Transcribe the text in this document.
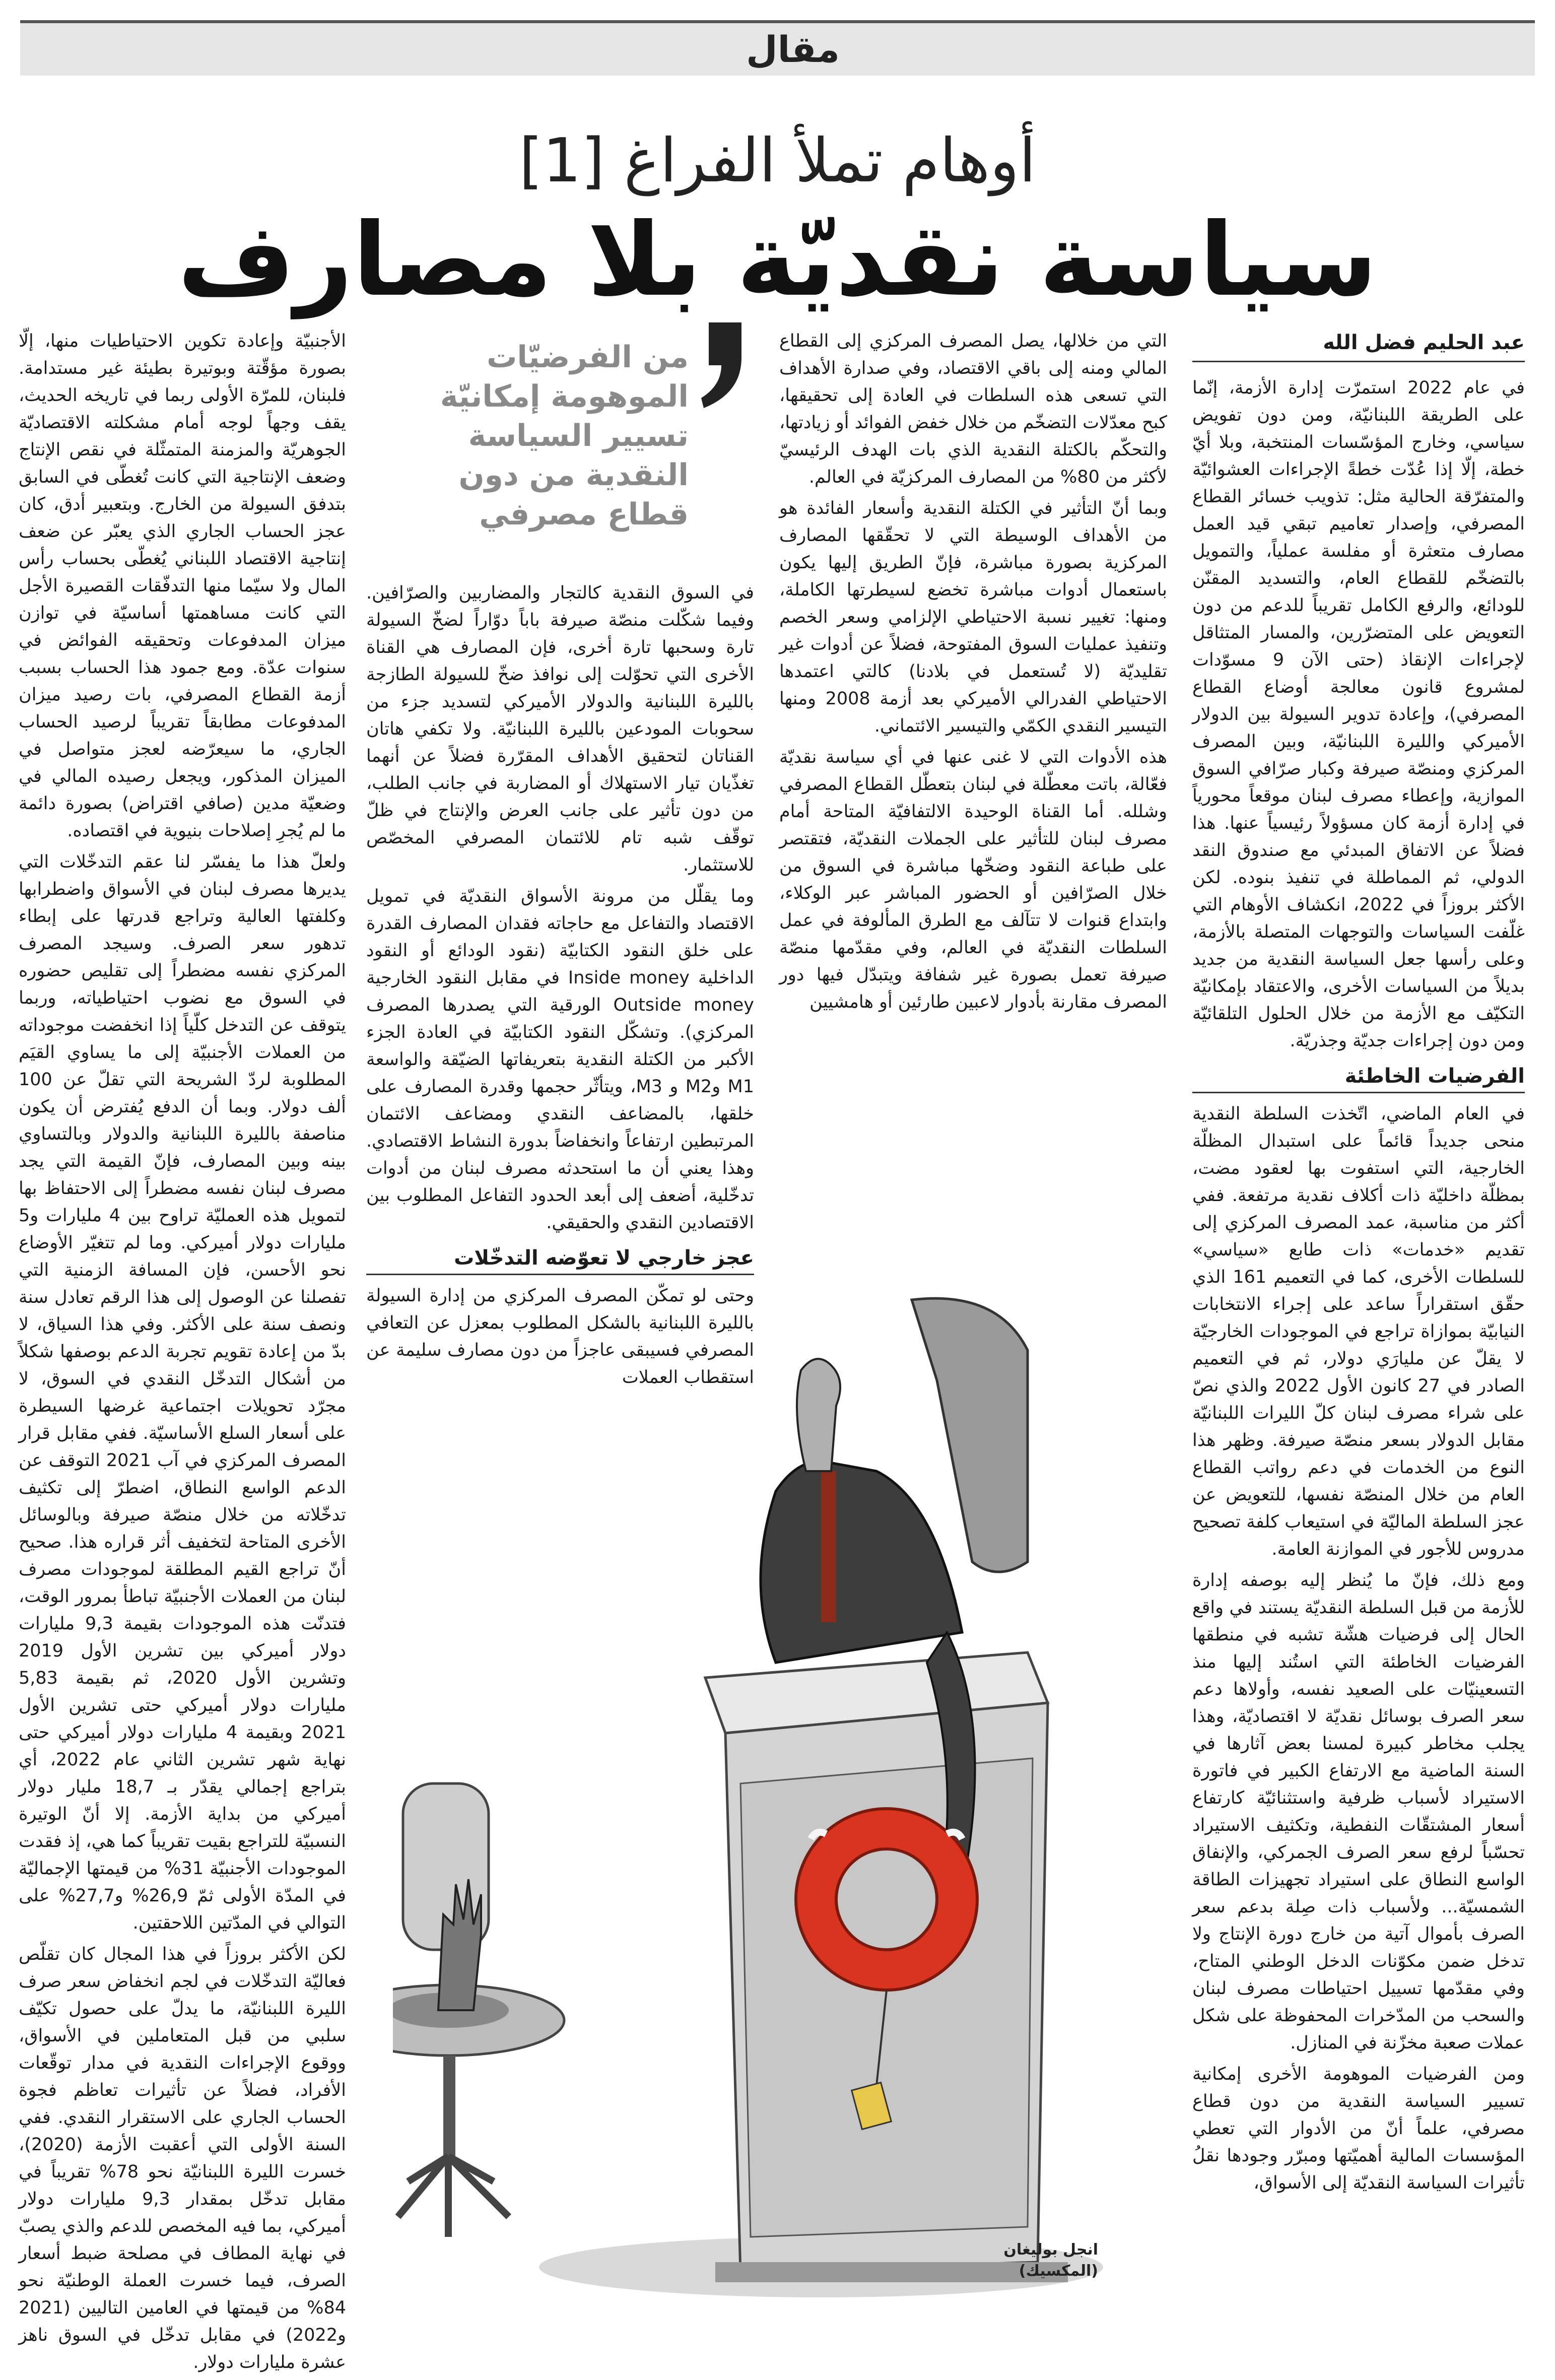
مقال
أوهام تملأ الفراغ [1]
سياسة نقديّة بلا مصارف
عبد الحليم فضل الله

في عام 2022 استمرّت إدارة الأزمة، إنّما على الطريقة اللبنانيّة، ومن دون تفويض سياسي، وخارج المؤسّسات المنتخبة، وبلا أيّ خطة، إلّا إذا عُدّت خطةً الإجراءات العشوائيّة والمتفرّقة الحالية مثل: تذويب خسائر القطاع المصرفي، وإصدار تعاميم تبقي قيد العمل مصارف متعثرة أو مفلسة عملياً، والتمويل بالتضخّم للقطاع العام، والتسديد المقنّن للودائع، والرفع الكامل تقريباً للدعم من دون التعويض على المتضرّرين، والمسار المتثاقل لإجراءات الإنقاذ (حتى الآن 9 مسوّدات لمشروع قانون معالجة أوضاع القطاع المصرفي)، وإعادة تدوير السيولة بين الدولار الأميركي والليرة اللبنانيّة، وبين المصرف المركزي ومنصّة صيرفة وكبار صرّافي السوق الموازية، وإعطاء مصرف لبنان موقعاً محورياً في إدارة أزمة كان مسؤولاً رئيسياً عنها. هذا فضلاً عن الاتفاق المبدئي مع صندوق النقد الدولي، ثم المماطلة في تنفيذ بنوده. لكن الأكثر بروزاً في 2022، انكشاف الأوهام التي غلّفت السياسات والتوجهات المتصلة بالأزمة، وعلى رأسها جعل السياسة النقدية من جديد بديلاً من السياسات الأخرى، والاعتقاد بإمكانيّة التكيّف مع الأزمة من خلال الحلول التلقائيّة ومن دون إجراءات جديّة وجذريّة.

الفرضيات الخاطئة

في العام الماضي، اتّخذت السلطة النقدية منحى جديداً قائماً على استبدال المظلّة الخارجية، التي استفوت بها لعقود مضت، بمظلّة داخليّة ذات أكلاف نقدية مرتفعة. ففي أكثر من مناسبة، عمد المصرف المركزي إلى تقديم «خدمات» ذات طابع «سياسي» للسلطات الأخرى، كما في التعميم 161 الذي حقّق استقراراً ساعد على إجراء الانتخابات النيابيّة بموازاة تراجع في الموجودات الخارجيّة لا يقلّ عن مليارَي دولار، ثم في التعميم الصادر في 27 كانون الأول 2022 والذي نصّ على شراء مصرف لبنان كلّ الليرات اللبنانيّة مقابل الدولار بسعر منصّة صيرفة. وظهر هذا النوع من الخدمات في دعم رواتب القطاع العام من خلال المنصّة نفسها، للتعويض عن عجز السلطة الماليّة في استيعاب كلفة تصحيح مدروس للأجور في الموازنة العامة.

ومع ذلك، فإنّ ما يُنظر إليه بوصفه إدارة للأزمة من قبل السلطة النقديّة يستند في واقع الحال إلى فرضيات هشّة تشبه في منطقها الفرضيات الخاطئة التي استُند إليها منذ التسعينيّات على الصعيد نفسه، وأولاها دعم سعر الصرف بوسائل نقديّة لا اقتصاديّة، وهذا يجلب مخاطر كبيرة لمسنا بعض آثارها في السنة الماضية مع الارتفاع الكبير في فاتورة الاستيراد لأسباب ظرفية واستثنائيّة كارتفاع أسعار المشتقّات النفطية، وتكثيف الاستيراد تحسّباً لرفع سعر الصرف الجمركي، والإنفاق الواسع النطاق على استيراد تجهيزات الطاقة الشمسيّة... ولأسباب ذات صِلة بدعم سعر الصرف بأموال آتية من خارج دورة الإنتاج ولا تدخل ضمن مكوّنات الدخل الوطني المتاح، وفي مقدّمها تسييل احتياطات مصرف لبنان والسحب من المدّخرات المحفوظة على شكل عملات صعبة مخزّنة في المنازل.

ومن الفرضيات الموهومة الأخرى إمكانية تسيير السياسة النقدية من دون قطاع مصرفي، علماً أنّ من الأدوار التي تعطي المؤسسات المالية أهميّتها ومبرّر وجودها نقلُ تأثيرات السياسة النقديّة إلى الأسواق،

التي من خلالها، يصل المصرف المركزي إلى القطاع المالي ومنه إلى باقي الاقتصاد، وفي صدارة الأهداف التي تسعى هذه السلطات في العادة إلى تحقيقها، كبح معدّلات التضخّم من خلال خفض الفوائد أو زيادتها، والتحكّم بالكتلة النقدية الذي بات الهدف الرئيسيّ لأكثر من 80% من المصارف المركزيّة في العالم.

وبما أنّ التأثير في الكتلة النقدية وأسعار الفائدة هو من الأهداف الوسيطة التي لا تحقّقها المصارف المركزية بصورة مباشرة، فإنّ الطريق إليها يكون باستعمال أدوات مباشرة تخضع لسيطرتها الكاملة، ومنها: تغيير نسبة الاحتياطي الإلزامي وسعر الخصم وتنفيذ عمليات السوق المفتوحة، فضلاً عن أدوات غير تقليديّة (لا تُستعمل في بلادنا) كالتي اعتمدها الاحتياطي الفدرالي الأميركي بعد أزمة 2008 ومنها التيسير النقدي الكمّي والتيسير الائتماني.

هذه الأدوات التي لا غنى عنها في أي سياسة نقديّة فعّالة، باتت معطّلة في لبنان بتعطّل القطاع المصرفي وشلله. أما القناة الوحيدة الالتفافيّة المتاحة أمام مصرف لبنان للتأثير على الجملات النقديّة، فتقتصر على طباعة النقود وضخّها مباشرة في السوق من خلال الصرّافين أو الحضور المباشر عبر الوكلاء، وابتداع قنوات لا تتآلف مع الطرق المألوفة في عمل السلطات النقديّة في العالم، وفي مقدّمها منصّة صيرفة تعمل بصورة غير شفافة ويتبدّل فيها دور المصرف مقارنة بأدوار لاعبين طارئين أو هامشيين

من الفرضيّات الموهومة إمكانيّة تسيير السياسة النقدية من دون قطاع مصرفي

في السوق النقدية كالتجار والمضاربين والصرّافين. وفيما شكّلت منصّة صيرفة باباً دوّاراً لضخّ السيولة تارة وسحبها تارة أخرى، فإن المصارف هي القناة الأخرى التي تحوّلت إلى نوافذ ضخّ للسيولة الطازجة بالليرة اللبنانية والدولار الأميركي لتسديد جزء من سحوبات المودعين بالليرة اللبنانيّة. ولا تكفي هاتان القناتان لتحقيق الأهداف المقرّرة فضلاً عن أنهما تغذّيان تيار الاستهلاك أو المضاربة في جانب الطلب، من دون تأثير على جانب العرض والإنتاج في ظلّ توقّف شبه تام للائتمان المصرفي المخصّص للاستثمار.

وما يقلّل من مرونة الأسواق النقديّة في تمويل الاقتصاد والتفاعل مع حاجاته فقدان المصارف القدرة على خلق النقود الكتابيّة (نقود الودائع أو النقود الداخلية Inside money في مقابل النقود الخارجية Outside money الورقية التي يصدرها المصرف المركزي). وتشكّل النقود الكتابيّة في العادة الجزء الأكبر من الكتلة النقدية بتعريفاتها الضيّقة والواسعة M1 وM2 و M3، ويتأثّر حجمها وقدرة المصارف على خلقها، بالمضاعف النقدي ومضاعف الائتمان المرتبطين ارتفاعاً وانخفاضاً بدورة النشاط الاقتصادي. وهذا يعني أن ما استحدثه مصرف لبنان من أدوات تدخّلية، أضعف إلى أبعد الحدود التفاعل المطلوب بين الاقتصادين النقدي والحقيقي.

عجز خارجي لا تعوّضه التدخّلات

وحتى لو تمكّن المصرف المركزي من إدارة السيولة بالليرة اللبنانية بالشكل المطلوب بمعزل عن التعافي المصرفي فسيبقى عاجزاً من دون مصارف سليمة عن استقطاب العملات

الأجنبيّة وإعادة تكوين الاحتياطيات منها، إلّا بصورة مؤقّتة وبوتيرة بطيئة غير مستدامة. فلبنان، للمرّة الأولى ربما في تاريخه الحديث، يقف وجهاً لوجه أمام مشكلته الاقتصاديّة الجوهريّة والمزمنة المتمثّلة في نقص الإنتاج وضعف الإنتاجية التي كانت تُغطّى في السابق بتدفق السيولة من الخارج. وبتعبير أدق، كان عجز الحساب الجاري الذي يعبّر عن ضعف إنتاجية الاقتصاد اللبناني يُغطّى بحساب رأس المال ولا سيّما منها التدفّقات القصيرة الأجل التي كانت مساهمتها أساسيّة في توازن ميزان المدفوعات وتحقيقه الفوائض في سنوات عدّة. ومع جمود هذا الحساب بسبب أزمة القطاع المصرفي، بات رصيد ميزان المدفوعات مطابقاً تقريباً لرصيد الحساب الجاري، ما سيعرّضه لعجز متواصل في الميزان المذكور، ويجعل رصيده المالي في وضعيّة مدين (صافي اقتراض) بصورة دائمة ما لم يُجرِ إصلاحات بنيوية في اقتصاده.

ولعلّ هذا ما يفسّر لنا عقم التدخّلات التي يديرها مصرف لبنان في الأسواق واضطرابها وكلفتها العالية وتراجع قدرتها على إبطاء تدهور سعر الصرف. وسيجد المصرف المركزي نفسه مضطراً إلى تقليص حضوره في السوق مع نضوب احتياطياته، وربما يتوقف عن التدخل كلّياً إذا انخفضت موجوداته من العملات الأجنبيّة إلى ما يساوي القيَم المطلوبة لردّ الشريحة التي تقلّ عن 100 ألف دولار. وبما أن الدفع يُفترض أن يكون مناصفة بالليرة اللبنانية والدولار وبالتساوي بينه وبين المصارف، فإنّ القيمة التي يجد مصرف لبنان نفسه مضطراً إلى الاحتفاظ بها لتمويل هذه العمليّة تراوح بين 4 مليارات و5 مليارات دولار أميركي. وما لم تتغيّر الأوضاع نحو الأحسن، فإن المسافة الزمنية التي تفصلنا عن الوصول إلى هذا الرقم تعادل سنة ونصف سنة على الأكثر. وفي هذا السياق، لا بدّ من إعادة تقويم تجربة الدعم بوصفها شكلاً من أشكال التدخّل النقدي في السوق، لا مجرّد تحويلات اجتماعية غرضها السيطرة على أسعار السلع الأساسيّة. ففي مقابل قرار المصرف المركزي في آب 2021 التوقف عن الدعم الواسع النطاق، اضطرّ إلى تكثيف تدخّلاته من خلال منصّة صيرفة وبالوسائل الأخرى المتاحة لتخفيف أثر قراره هذا. صحيح أنّ تراجع القيم المطلقة لموجودات مصرف لبنان من العملات الأجنبيّة تباطأ بمرور الوقت، فتدنّت هذه الموجودات بقيمة 9,3 مليارات دولار أميركي بين تشرين الأول 2019 وتشرين الأول 2020، ثم بقيمة 5,83 مليارات دولار أميركي حتى تشرين الأول 2021 وبقيمة 4 مليارات دولار أميركي حتى نهاية شهر تشرين الثاني عام 2022، أي بتراجع إجمالي يقدّر بـ 18,7 مليار دولار أميركي من بداية الأزمة. إلا أنّ الوتيرة النسبيّة للتراجع بقيت تقريباً كما هي، إذ فقدت الموجودات الأجنبيّة 31% من قيمتها الإجماليّة في المدّة الأولى ثمّ 26,9% و27,7% على التوالي في المدّتين اللاحقتين.

لكن الأكثر بروزاً في هذا المجال كان تقلّص فعاليّة التدخّلات في لجم انخفاض سعر صرف الليرة اللبنانيّة، ما يدلّ على حصول تكيّف سلبي من قبل المتعاملين في الأسواق، ووقوع الإجراءات النقدية في مدار توقّعات الأفراد، فضلاً عن تأثيرات تعاظم فجوة الحساب الجاري على الاستقرار النقدي. ففي السنة الأولى التي أعقبت الأزمة (2020)، خسرت الليرة اللبنانيّة نحو 78% تقريباً في مقابل تدخّل بمقدار 9,3 مليارات دولار أميركي، بما فيه المخصص للدعم والذي يصبّ في نهاية المطاف في مصلحة ضبط أسعار الصرف، فيما خسرت العملة الوطنيّة نحو 84% من قيمتها في العامين التاليين (2021 و2022) في مقابل تدخّل في السوق ناهز عشرة مليارات دولار.

انجل بوليغان
(المكسيك)
